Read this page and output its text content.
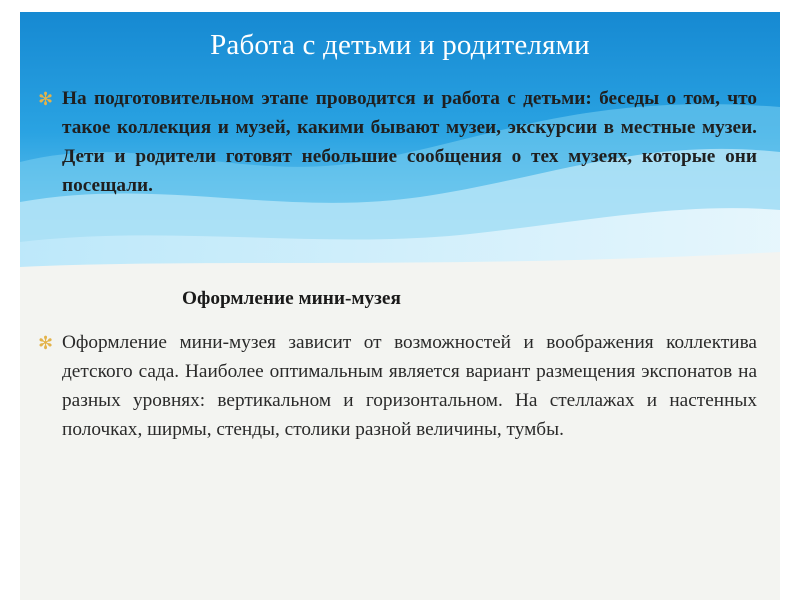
Работа с детьми и родителями
✻ На подготовительном этапе проводится и работа с детьми: беседы о том, что такое коллекция и музей, какими бывают музеи, экскурсии в местные музеи. Дети и родители готовят небольшие сообщения о тех музеях, которые они посещали.

Оформление мини-музея

✻ Оформление мини-музея зависит от возможностей и воображения коллектива детского сада. Наиболее оптимальным является вариант размещения экспонатов на разных уровнях: вертикальном и горизонтальном. На стеллажах и настенных полочках, ширмы, стенды, столики разной величины, тумбы.
